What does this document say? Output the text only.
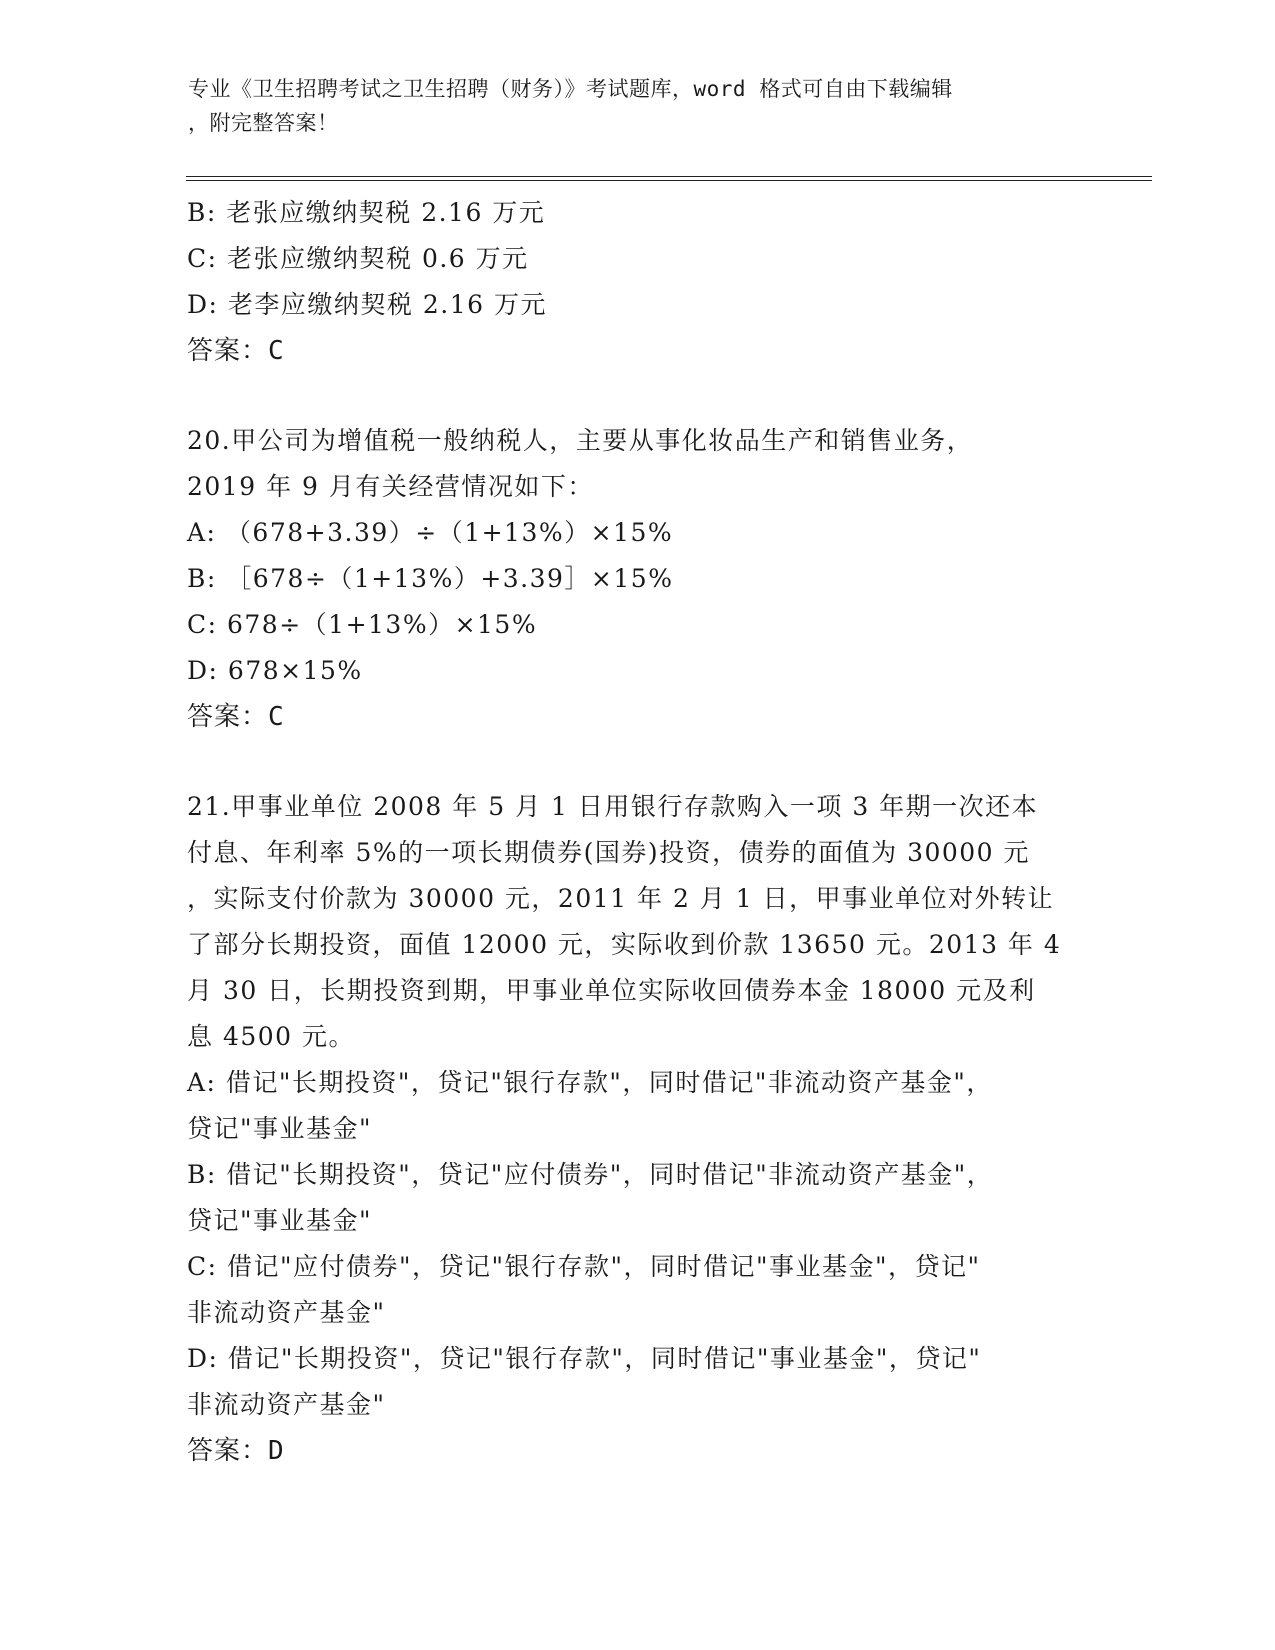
专业《卫生招聘考试之卫生招聘（财务）》考试题库，word 格式可自由下载编辑
，附完整答案！
B: 老张应缴纳契税 2.16 万元
C: 老张应缴纳契税 0.6 万元
D: 老李应缴纳契税 2.16 万元
答案：C
20.甲公司为增值税一般纳税人，主要从事化妆品生产和销售业务，
2019 年 9 月有关经营情况如下：
A: （678+3.39）÷（1+13%）×15%
B: ［678÷（1+13%）+3.39］×15%
C: 678÷（1+13%）×15%
D: 678×15%
答案：C
21.甲事业单位 2008 年 5 月 1 日用银行存款购入一项 3 年期一次还本
付息、年利率 5%的一项长期债券(国券)投资，债券的面值为 30000 元
，实际支付价款为 30000 元，2011 年 2 月 1 日，甲事业单位对外转让
了部分长期投资，面值 12000 元，实际收到价款 13650 元。2013 年 4
月 30 日，长期投资到期，甲事业单位实际收回债券本金 18000 元及利
息 4500 元。
A: 借记"长期投资"，贷记"银行存款"，同时借记"非流动资产基金"，
贷记"事业基金"
B: 借记"长期投资"，贷记"应付债券"，同时借记"非流动资产基金"，
贷记"事业基金"
C: 借记"应付债券"，贷记"银行存款"，同时借记"事业基金"，贷记"
非流动资产基金"
D: 借记"长期投资"，贷记"银行存款"，同时借记"事业基金"，贷记"
非流动资产基金"
答案：D
